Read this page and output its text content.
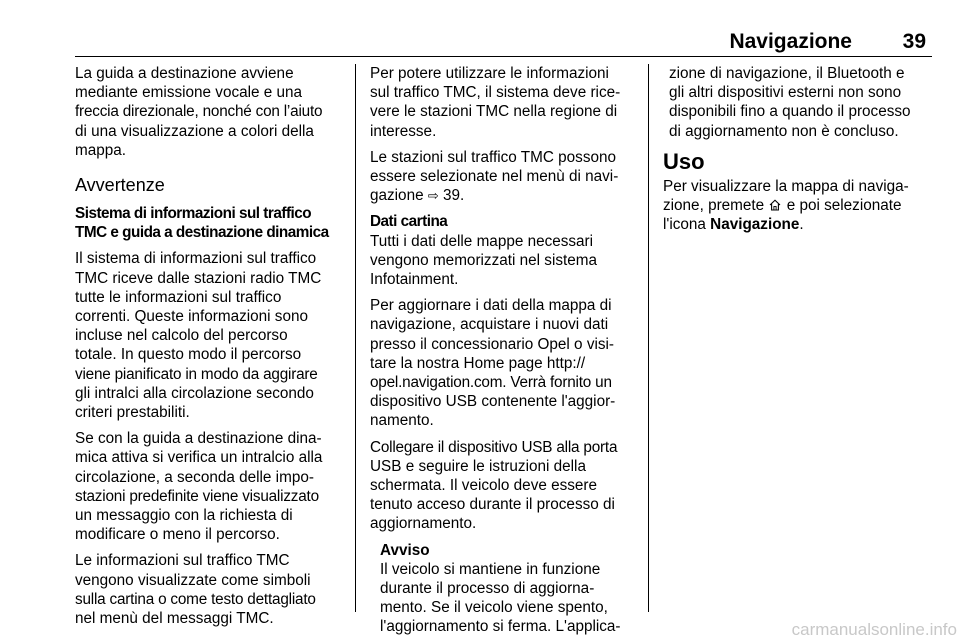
Navigazione 39

La guida a destinazione avviene
mediante emissione vocale e una
freccia direzionale, nonché con l’aiuto
di una visualizzazione a colori della
mappa.

Avvertenze

Sistema di informazioni sul traffico
TMC e guida a destinazione dinamica

Il sistema di informazioni sul traffico
TMC riceve dalle stazioni radio TMC
tutte le informazioni sul traffico
correnti. Queste informazioni sono
incluse nel calcolo del percorso
totale. In questo modo il percorso
viene pianificato in modo da aggirare
gli intralci alla circolazione secondo
criteri prestabiliti.

Se con la guida a destinazione dina-
mica attiva si verifica un intralcio alla
circolazione, a seconda delle impo-
stazioni predefinite viene visualizzato
un messaggio con la richiesta di
modificare o meno il percorso.

Le informazioni sul traffico TMC
vengono visualizzate come simboli
sulla cartina o come testo dettagliato
nel menù del messaggi TMC.

Per potere utilizzare le informazioni
sul traffico TMC, il sistema deve rice-
vere le stazioni TMC nella regione di
interesse.

Le stazioni sul traffico TMC possono
essere selezionate nel menù di navi-
gazione ⇨ 39.

Dati cartina

Tutti i dati delle mappe necessari
vengono memorizzati nel sistema
Infotainment.

Per aggiornare i dati della mappa di
navigazione, acquistare i nuovi dati
presso il concessionario Opel o visi-
tare la nostra Home page http://
opel.navigation.com. Verrà fornito un
dispositivo USB contenente l'aggior-
namento.

Collegare il dispositivo USB alla porta
USB e seguire le istruzioni della
schermata. Il veicolo deve essere
tenuto acceso durante il processo di
aggiornamento.

Avviso
Il veicolo si mantiene in funzione
durante il processo di aggiorna-
mento. Se il veicolo viene spento,
l'aggiornamento si ferma. L'applica-

zione di navigazione, il Bluetooth e
gli altri dispositivi esterni non sono
disponibili fino a quando il processo
di aggiornamento non è concluso.

Uso

Per visualizzare la mappa di naviga-
zione, premete e poi selezionate
l'icona Navigazione.

carmanualsonline.info
